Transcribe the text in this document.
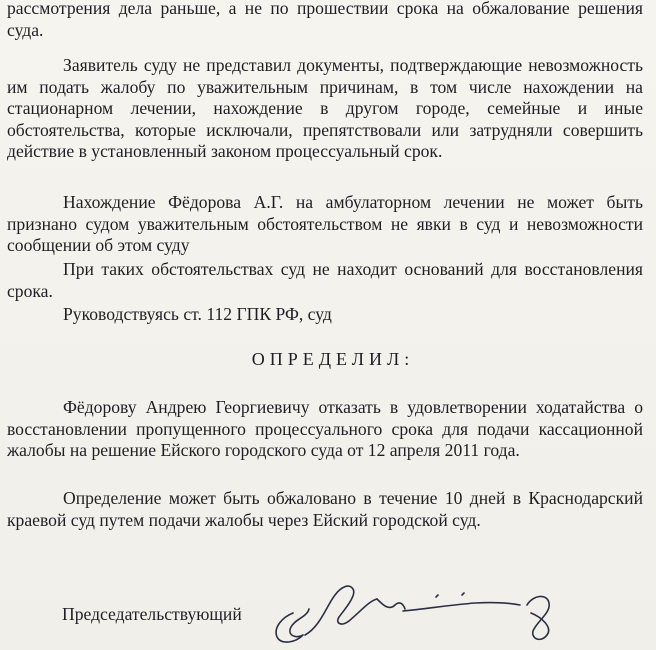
рассмотрения дела раньше, а не по прошествии срока на обжалование решения суда.

Заявитель суду не представил документы, подтверждающие невозможность им подать жалобу по уважительным причинам, в том числе нахождении на стационарном лечении, нахождение в другом городе, семейные и иные обстоятельства, которые исключали, препятствовали или затрудняли совершить действие в установленный законом процессуальный срок.

Нахождение Фёдорова А.Г. на амбулаторном лечении не может быть признано судом уважительным обстоятельством не явки в суд и невозможности сообщении об этом суду

При таких обстоятельствах суд не находит оснований для восстановления срока.

Руководствуясь ст. 112 ГПК РФ, суд

ОПРЕДЕЛИЛ:

Фёдорову Андрею Георгиевичу отказать в удовлетворении ходатайства о восстановлении пропущенного процессуального срока для подачи кассационной жалобы на решение Ейского городского суда от 12 апреля 2011 года.

Определение может быть обжаловано в течение 10 дней в Краснодарский краевой суд путем подачи жалобы через Ейский городской суд.

Председательствующий
